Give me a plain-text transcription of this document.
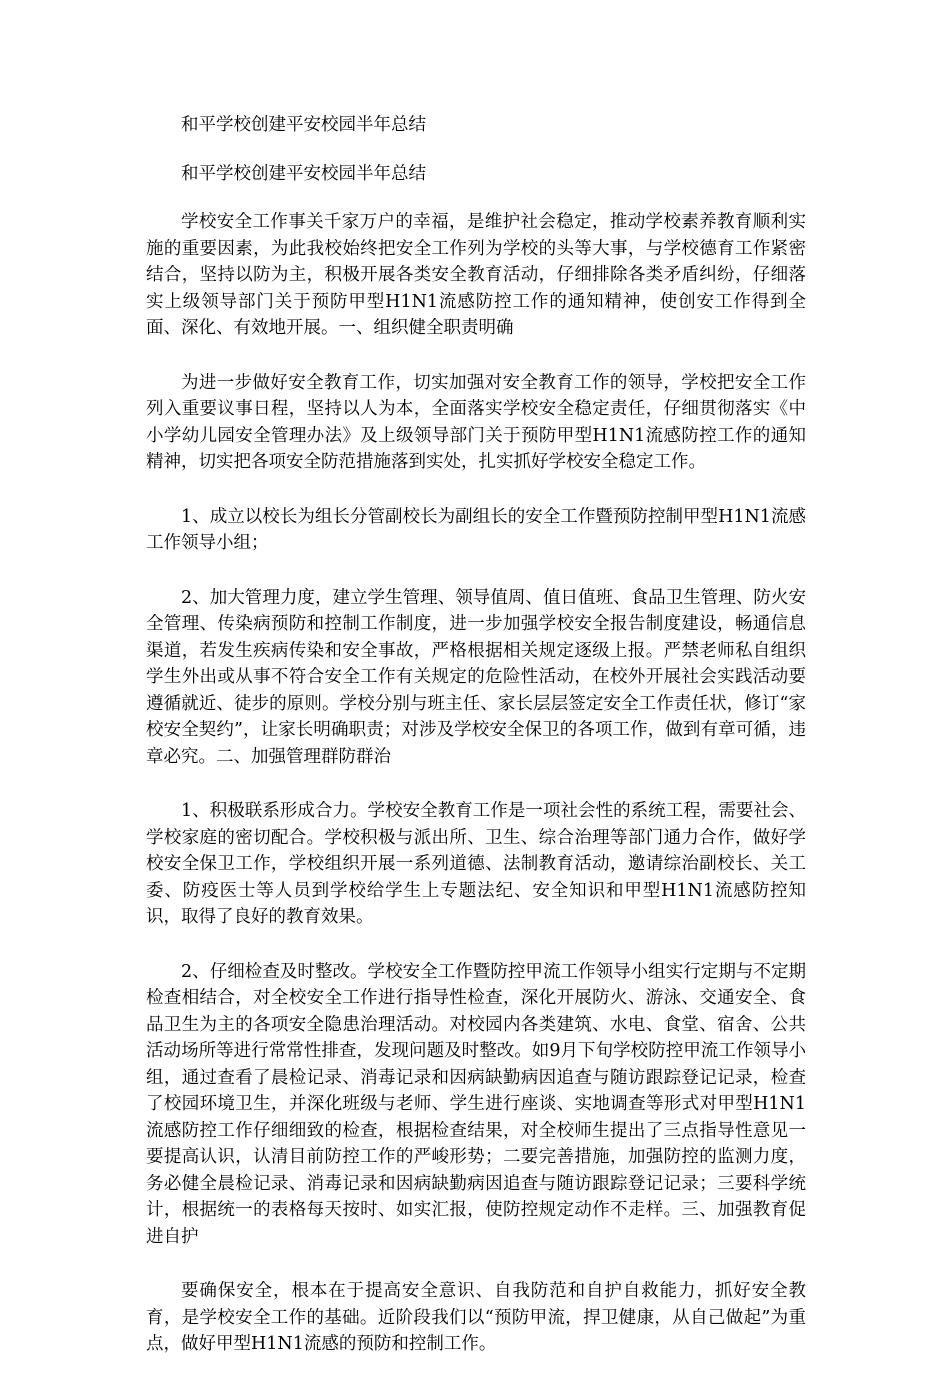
和平学校创建平安校园半年总结

和平学校创建平安校园半年总结

学校安全工作事关千家万户的幸福，是维护社会稳定，推动学校素养教育顺利实施的重要因素，为此我校始终把安全工作列为学校的头等大事，与学校德育工作紧密结合，坚持以防为主，积极开展各类安全教育活动，仔细排除各类矛盾纠纷，仔细落实上级领导部门关于预防甲型H1N1流感防控工作的通知精神，使创安工作得到全面、深化、有效地开展。一、组织健全职责明确

为进一步做好安全教育工作，切实加强对安全教育工作的领导，学校把安全工作列入重要议事日程，坚持以人为本，全面落实学校安全稳定责任，仔细贯彻落实《中小学幼儿园安全管理办法》及上级领导部门关于预防甲型H1N1流感防控工作的通知精神，切实把各项安全防范措施落到实处，扎实抓好学校安全稳定工作。

1、成立以校长为组长分管副校长为副组长的安全工作暨预防控制甲型H1N1流感工作领导小组；

2、加大管理力度，建立学生管理、领导值周、值日值班、食品卫生管理、防火安全管理、传染病预防和控制工作制度，进一步加强学校安全报告制度建设，畅通信息渠道，若发生疾病传染和安全事故，严格根据相关规定逐级上报。严禁老师私自组织学生外出或从事不符合安全工作有关规定的危险性活动，在校外开展社会实践活动要遵循就近、徒步的原则。学校分别与班主任、家长层层签定安全工作责任状，修订“家校安全契约”，让家长明确职责；对涉及学校安全保卫的各项工作，做到有章可循，违章必究。二、加强管理群防群治

1、积极联系形成合力。学校安全教育工作是一项社会性的系统工程，需要社会、学校家庭的密切配合。学校积极与派出所、卫生、综合治理等部门通力合作，做好学校安全保卫工作，学校组织开展一系列道德、法制教育活动，邀请综治副校长、关工委、防疫医士等人员到学校给学生上专题法纪、安全知识和甲型H1N1流感防控知识，取得了良好的教育效果。

2、仔细检查及时整改。学校安全工作暨防控甲流工作领导小组实行定期与不定期检查相结合，对全校安全工作进行指导性检查，深化开展防火、游泳、交通安全、食品卫生为主的各项安全隐患治理活动。对校园内各类建筑、水电、食堂、宿舍、公共活动场所等进行常常性排查，发现问题及时整改。如9月下旬学校防控甲流工作领导小组，通过查看了晨检记录、消毒记录和因病缺勤病因追查与随访跟踪登记记录，检查了校园环境卫生，并深化班级与老师、学生进行座谈、实地调查等形式对甲型H1N1流感防控工作仔细细致的检查，根据检查结果，对全校师生提出了三点指导性意见一要提高认识，认清目前防控工作的严峻形势；二要完善措施，加强防控的监测力度，务必健全晨检记录、消毒记录和因病缺勤病因追查与随访跟踪登记记录；三要科学统计，根据统一的表格每天按时、如实汇报，使防控规定动作不走样。三、加强教育促进自护

要确保安全，根本在于提高安全意识、自我防范和自护自救能力，抓好安全教育，是学校安全工作的基础。近阶段我们以“预防甲流，捍卫健康，从自己做起”为重点，做好甲型H1N1流感的预防和控制工作。
